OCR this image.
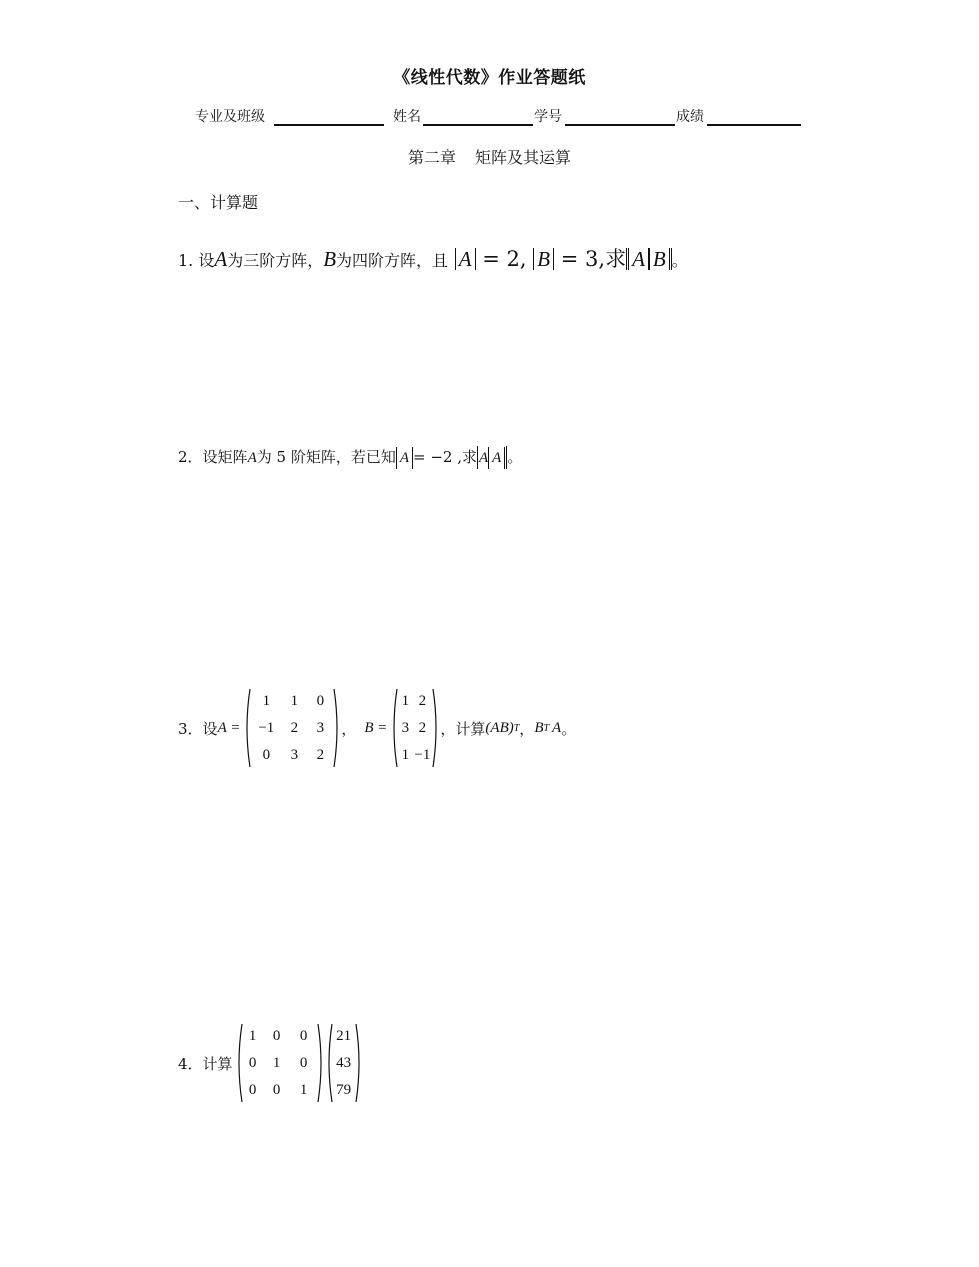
《线性代数》作业答题纸
专业及班级	姓名	学号	成绩
第二章 矩阵及其运算
一、计算题
1. 设A为三阶方阵，B为四阶方阵，且 A = 2, B = 3,求 A B 。
2．设矩阵A为 5 阶矩阵，若已知 A = −2 ,求 A A 。
3． 设 A =
1 1 0
−1 2 3
0 3 2
， B =
1 2
3 2
1 −1
，计算 (AB) T ， B T A 。
4． 计算
1 0 0
0 1 0
0 0 1
21
43
79
